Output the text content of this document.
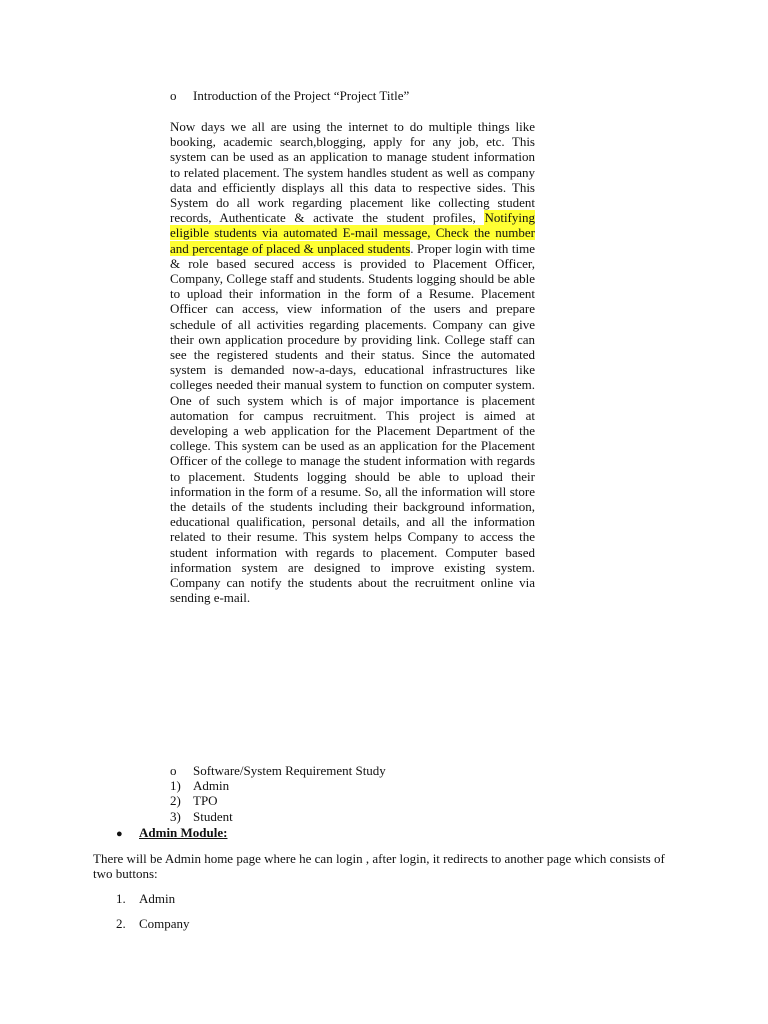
o	Introduction of the Project “Project Title”
Now days we all are using the internet to do multiple things like booking, academic search,blogging, apply for any job, etc. This system can be used as an application to manage student information to related placement. The system handles student as well as company data and efficiently displays all this data to respective sides. This System do all work regarding placement like collecting student records, Authenticate & activate the student profiles, Notifying eligible students via automated E-mail message, Check the number and percentage of placed & unplaced students. Proper login with time & role based secured access is provided to Placement Officer, Company, College staff and students. Students logging should be able to upload their information in the form of a Resume. Placement Officer can access, view information of the users and prepare schedule of all activities regarding placements. Company can give their own application procedure by providing link. College staff can see the registered students and their status. Since the automated system is demanded now-a-days, educational infrastructures like colleges needed their manual system to function on computer system. One of such system which is of major importance is placement automation for campus recruitment. This project is aimed at developing a web application for the Placement Department of the college. This system can be used as an application for the Placement Officer of the college to manage the student information with regards to placement. Students logging should be able to upload their information in the form of a resume. So, all the information will store the details of the students including their background information, educational qualification, personal details, and all the information related to their resume. This system helps Company to access the student information with regards to placement. Computer based information system are designed to improve existing system. Company can notify the students about the recruitment online via sending e-mail.
o	Software/System Requirement Study
1) Admin
2) TPO
3) Student
●	Admin Module:
There will be Admin home page where he can login , after login, it redirects to another page which consists of two buttons:
1.	Admin
2.	Company
